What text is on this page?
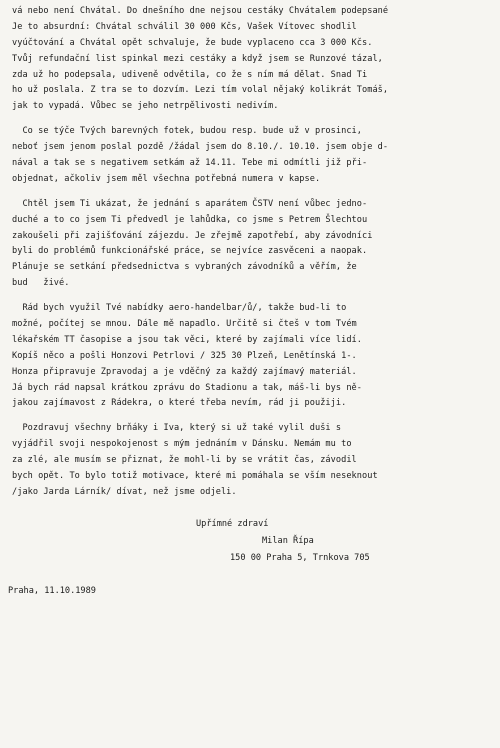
vá nebo není Chvátal. Do dnešního dne nejsou cestáky Chvátalem podepsané
Je to absurdní: Chvátal schválil 30 000 Kčs, Vašek Vítovec shodlil
vyúčtování a Chvátal opět schvaluje, že bude vyplaceno cca 3 000 Kčs.
Tvůj refundační list spinkal mezi cestáky a když jsem se Runzové tázal,
zda už ho podepsala, udiveně odvětila, co že s ním má dělat. Snad Ti
ho už poslala. Z tra se to dozvím. Lezi tím volal nějaký kolikrát Tomáš,
jak to vypadá. Vůbec se jeho netrpělivosti nedivím.
Co se týče Tvých barevných fotek, budou resp. bude už v prosinci,
neboť jsem jenom poslal pozdě /žádal jsem do 8.10./. 10.10. jsem obje d-
nával a tak se s negativem setkám až 14.11. Tebe mi odmítli již při-
objednat, ačkoliv jsem měl všechna potřebná numera v kapse.
Chtěl jsem Ti ukázat, že jednání s aparátem ČSTV není vůbec jedno-
duché a to co jsem Ti předvedl je lahůdka, co jsme s Petrem Šlechtou
zakoušeli při zajišťování zájezdu. Je zřejmě zapotřebí, aby závodníci
byli do problémů funkcionářské práce, se nejvíce zasvěceni a naopak.
Plánuje se setkání předsednictva s vybraných závodníků a věřím, že
bud   živé.
Rád bych využil Tvé nabídky aero-handelbar/ů/, takže bud-li to
možné, počítej se mnou. Dále mě napadlo. Určitě si čteš v tom Tvém
lékařském TT časopise a jsou tak věci, které by zajímali více lidí.
Kopíš něco a pošli Honzovi Petrlovi / 325 30 Plzeň, Lenětínská 1-.
Honza připravuje Zpravodaj a je vděčný za každý zajímavý materiál.
Já bych rád napsal krátkou zprávu do Stadionu a tak, máš-li bys ně-
jakou zajímavost z Rádekra, o které třeba nevím, rád ji použiji.
Pozdravuj všechny brňáky i Iva, který si už také vylil duši s
vyjádřil svoji nespokojenost s mým jednáním v Dánsku. Nemám mu to
za zlé, ale musím se přiznat, že mohl-li by se vrátit čas, závodil
bych opět. To bylo totiž motivace, které mi pomáhala se vším neseknout
/jako Jarda Lárník/ dívat, než jsme odjeli.
Upřímné zdraví
Milan Řípa
150 00 Praha 5, Trnkova 705
Praha, 11.10.1989
